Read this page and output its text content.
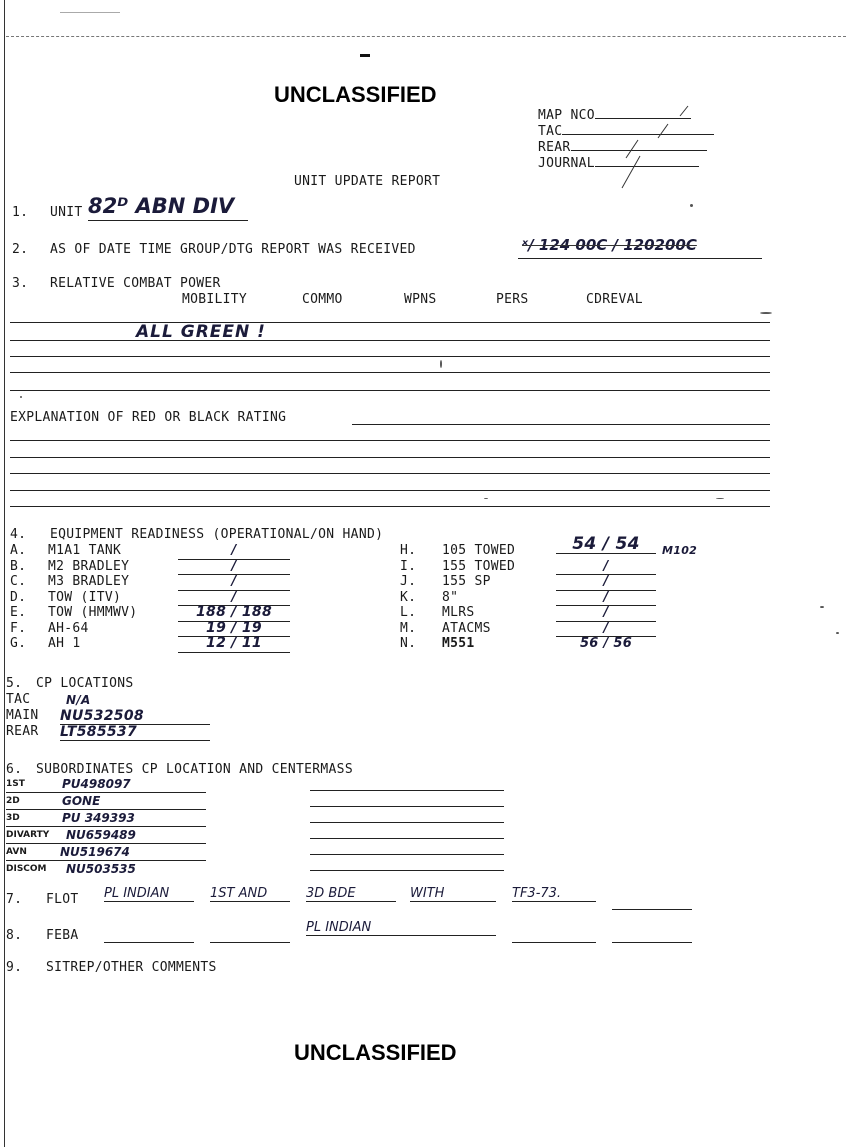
UNCLASSIFIED
MAP NCO
TAC
REAR
JOURNAL
UNIT UPDATE REPORT
1. UNIT 82ᴰ ABN DIV
2. AS OF DATE TIME GROUP/DTG REPORT WAS RECEIVED	ˣ/ 124 00C / 120200C
3. RELATIVE COMBAT POWER
MOBILITY	COMMO	WPNS	PERS	CDREVAL
ALL GREEN !
EXPLANATION OF RED OR BLACK RATING
4. EQUIPMENT READINESS (OPERATIONAL/ON HAND)
A. M1A1 TANK	/
B. M2 BRADLEY	/
C. M3 BRADLEY	/
D. TOW (ITV)	/
E. TOW (HMMWV)	188 / 188
F. AH-64	19 / 19
G. AH 1	12 / 11
H. 105 TOWED	54 / 54	M102
I. 155 TOWED	/
J. 155 SP	/
K. 8"	/
L. MLRS	/
M. ATACMS	/
N. M551	56 / 56
5. CP LOCATIONS
TAC	N/A
MAIN NU532508
REAR LT585537
6. SUBORDINATES CP LOCATION AND CENTERMASS
1ST	PU498097
2D	GONE
3D	PU 349393
DIVARTY NU659489
AVN	NU519674
DISCOM NU503535
7. FLOT PL INDIAN	1ST AND	3D BDE	WITH	TF3-73.
8. FEBA
PL INDIAN
9. SITREP/OTHER COMMENTS
UNCLASSIFIED
